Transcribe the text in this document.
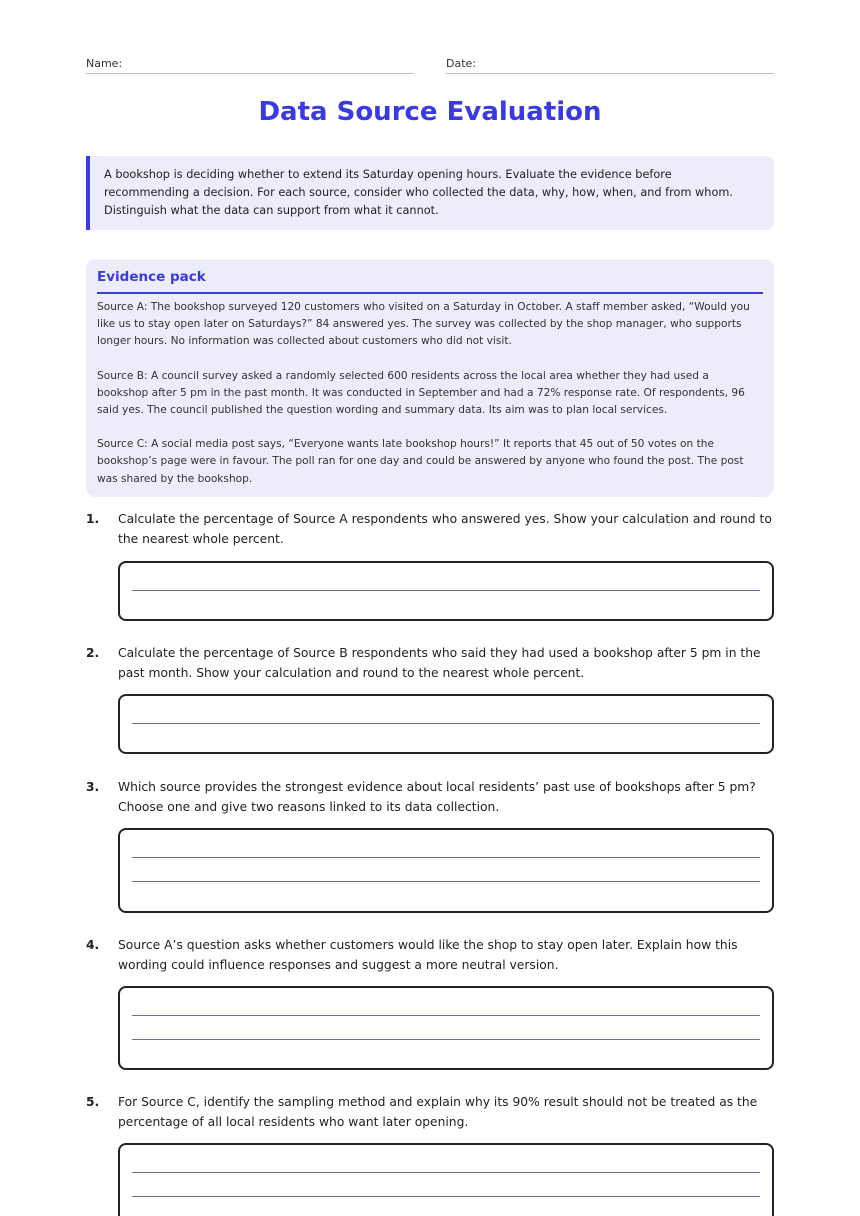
Name:	Date:
Data Source Evaluation
A bookshop is deciding whether to extend its Saturday opening hours. Evaluate the evidence before recommending a decision. For each source, consider who collected the data, why, how, when, and from whom. Distinguish what the data can support from what it cannot.
Evidence pack

Source A: The bookshop surveyed 120 customers who visited on a Saturday in October. A staff member asked, “Would you like us to stay open later on Saturdays?” 84 answered yes. The survey was collected by the shop manager, who supports longer hours. No information was collected about customers who did not visit.

Source B: A council survey asked a randomly selected 600 residents across the local area whether they had used a bookshop after 5 pm in the past month. It was conducted in September and had a 72% response rate. Of respondents, 96 said yes. The council published the question wording and summary data. Its aim was to plan local services.

Source C: A social media post says, “Everyone wants late bookshop hours!” It reports that 45 out of 50 votes on the bookshop’s page were in favour. The poll ran for one day and could be answered by anyone who found the post. The post was shared by the bookshop.

1. Calculate the percentage of Source A respondents who answered yes. Show your calculation and round to the nearest whole percent.
2. Calculate the percentage of Source B respondents who said they had used a bookshop after 5 pm in the past month. Show your calculation and round to the nearest whole percent.
3. Which source provides the strongest evidence about local residents’ past use of bookshops after 5 pm? Choose one and give two reasons linked to its data collection.
4. Source A’s question asks whether customers would like the shop to stay open later. Explain how this wording could influence responses and suggest a more neutral version.
5. For Source C, identify the sampling method and explain why its 90% result should not be treated as the percentage of all local residents who want later opening.
